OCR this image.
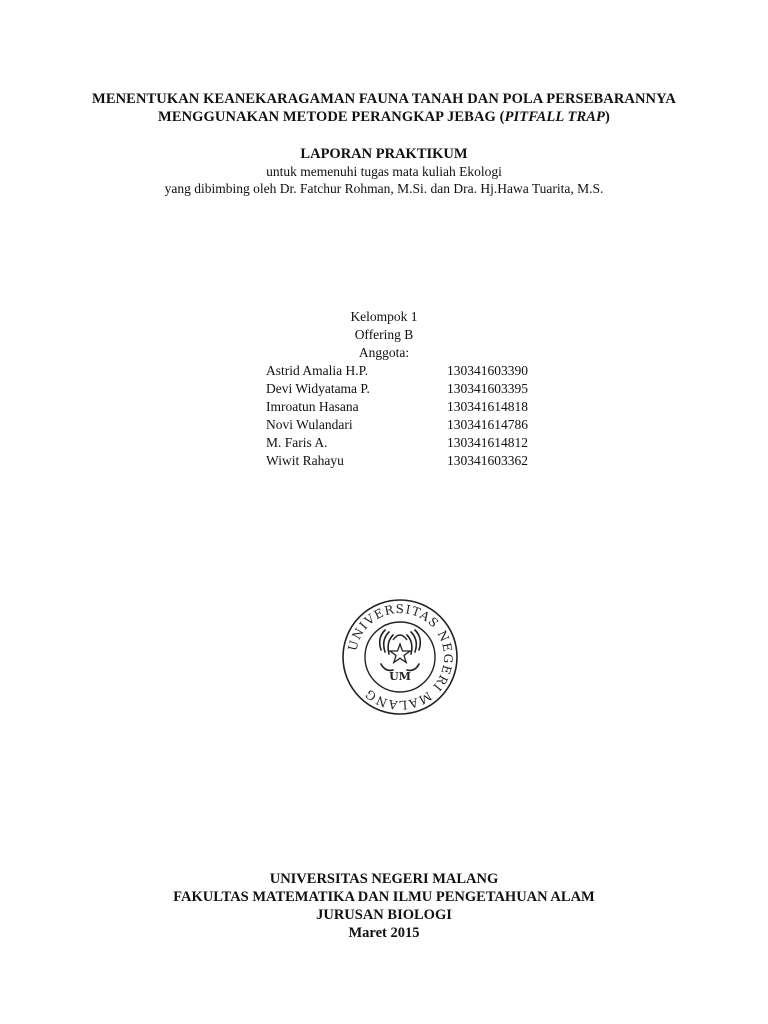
MENENTUKAN KEANEKARAGAMAN FAUNA TANAH DAN POLA PERSEBARANNYA
MENGGUNAKAN METODE PERANGKAP JEBAG (PITFALL TRAP)
LAPORAN PRAKTIKUM
untuk memenuhi tugas mata kuliah Ekologi
yang dibimbing oleh Dr. Fatchur Rohman, M.Si. dan Dra. Hj.Hawa Tuarita, M.S.
Kelompok 1
Offering B
Anggota:
Astrid Amalia H.P.	130341603390
Devi Widyatama P.	130341603395
Imroatun Hasana	130341614818
Novi Wulandari	130341614786
M. Faris A.	130341614812
Wiwit Rahayu	130341603362
UNIVERSITAS NEGERI MALANG
UM
UNIVERSITAS NEGERI MALANG
FAKULTAS MATEMATIKA DAN ILMU PENGETAHUAN ALAM
JURUSAN BIOLOGI
Maret 2015
